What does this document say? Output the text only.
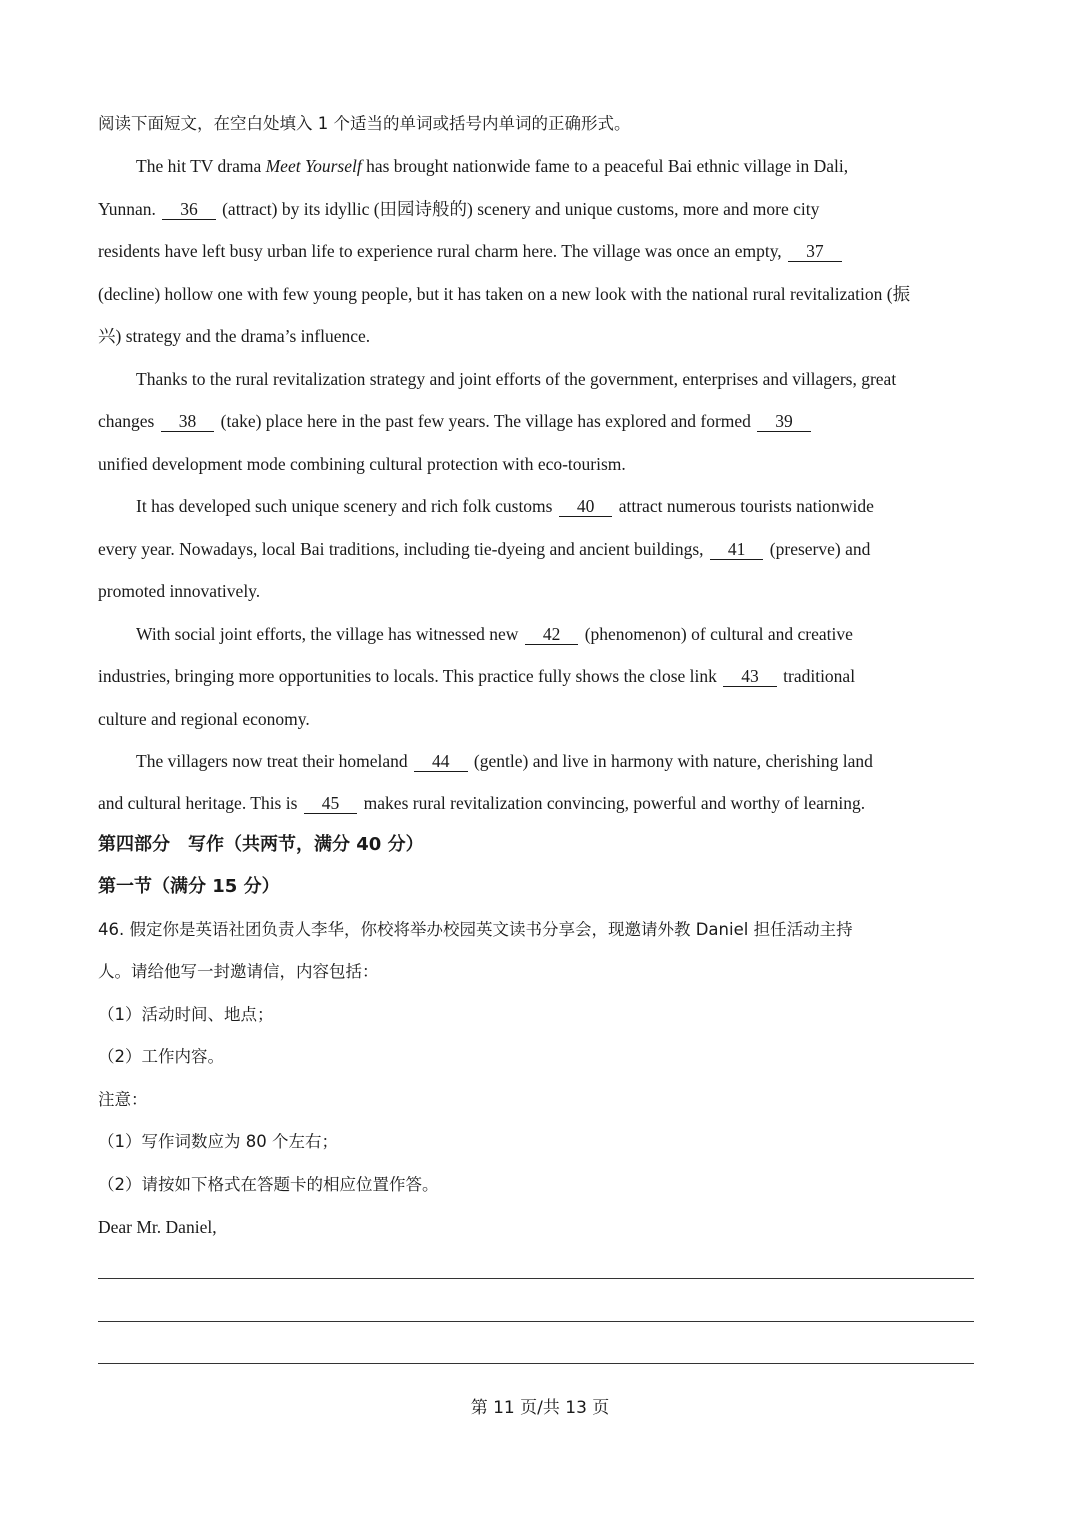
阅读下面短文，在空白处填入 1 个适当的单词或括号内单词的正确形式。
The hit TV drama Meet Yourself has brought nationwide fame to a peaceful Bai ethnic village in Dali,
Yunnan. 36 (attract) by its idyllic (田园诗般的) scenery and unique customs, more and more city
residents have left busy urban life to experience rural charm here. The village was once an empty, 37
(decline) hollow one with few young people, but it has taken on a new look with the national rural revitalization (振
兴) strategy and the drama’s influence.
Thanks to the rural revitalization strategy and joint efforts of the government, enterprises and villagers, great
changes 38 (take) place here in the past few years. The village has explored and formed 39
unified development mode combining cultural protection with eco-tourism.
It has developed such unique scenery and rich folk customs 40 attract numerous tourists nationwide
every year. Nowadays, local Bai traditions, including tie-dyeing and ancient buildings, 41 (preserve) and
promoted innovatively.
With social joint efforts, the village has witnessed new 42 (phenomenon) of cultural and creative
industries, bringing more opportunities to locals. This practice fully shows the close link 43 traditional
culture and regional economy.
The villagers now treat their homeland 44 (gentle) and live in harmony with nature, cherishing land
and cultural heritage. This is 45 makes rural revitalization convincing, powerful and worthy of learning.
第四部分　写作（共两节，满分 40 分）
第一节（满分 15 分）
46. 假定你是英语社团负责人李华，你校将举办校园英文读书分享会，现邀请外教 Daniel 担任活动主持
人。请给他写一封邀请信，内容包括：
（1）活动时间、地点；
（2）工作内容。
注意：
（1）写作词数应为 80 个左右；
（2）请按如下格式在答题卡的相应位置作答。
Dear Mr. Daniel,
第 11 页/共 13 页
